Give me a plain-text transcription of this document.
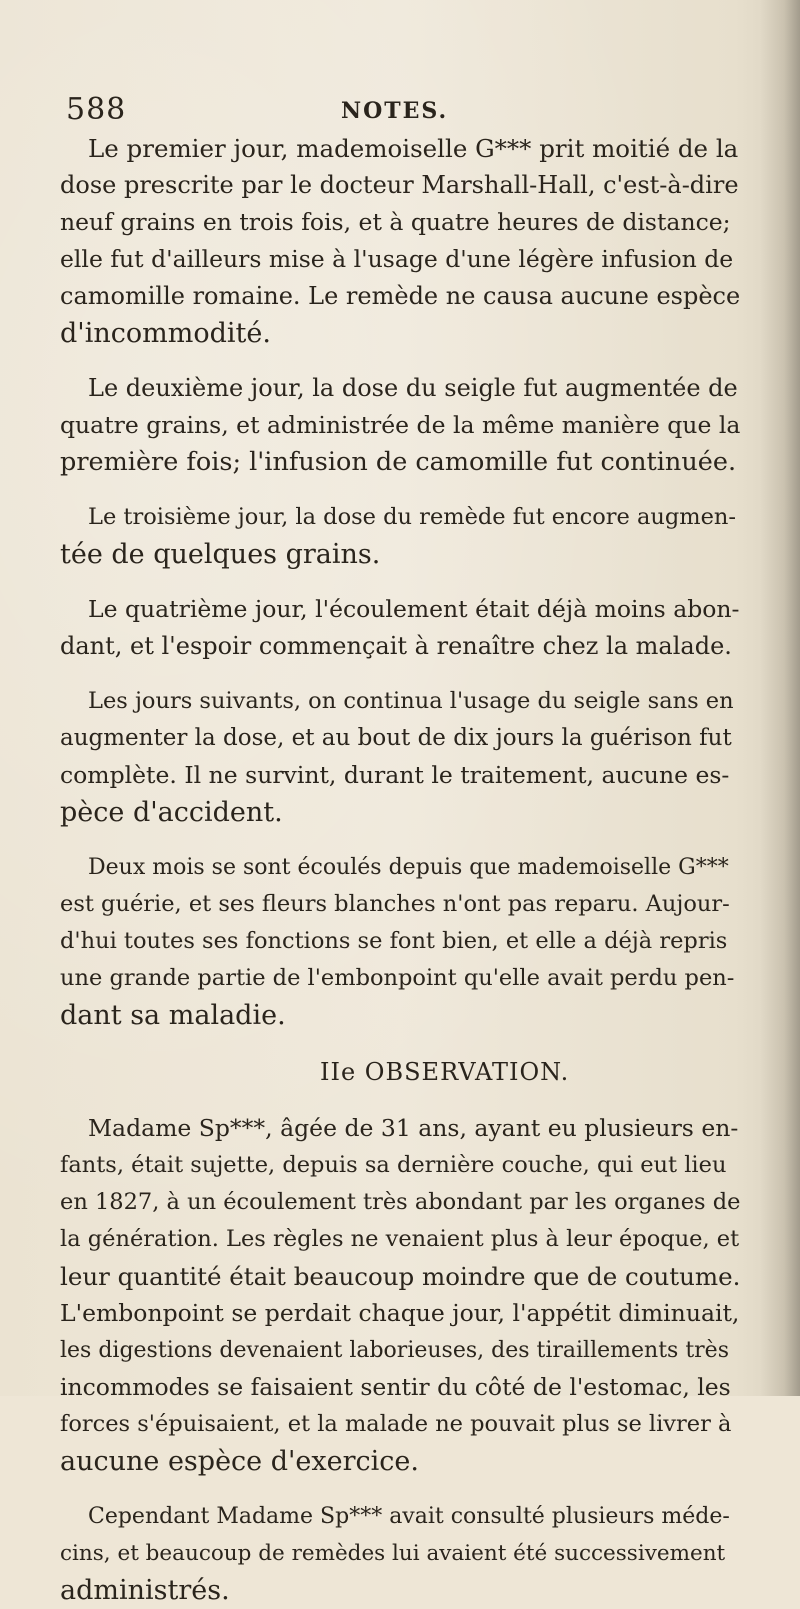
588	NOTES.
Le premier jour, mademoiselle G*** prit moitié de la
dose prescrite par le docteur Marshall-Hall, c'est-à-dire
neuf grains en trois fois, et à quatre heures de distance;
elle fut d'ailleurs mise à l'usage d'une légère infusion de
camomille romaine. Le remède ne causa aucune espèce
d'incommodité.
Le deuxième jour, la dose du seigle fut augmentée de
quatre grains, et administrée de la même manière que la
première fois; l'infusion de camomille fut continuée.
Le troisième jour, la dose du remède fut encore augmen-
tée de quelques grains.
Le quatrième jour, l'écoulement était déjà moins abon-
dant, et l'espoir commençait à renaître chez la malade.
Les jours suivants, on continua l'usage du seigle sans en
augmenter la dose, et au bout de dix jours la guérison fut
complète. Il ne survint, durant le traitement, aucune es-
pèce d'accident.
Deux mois se sont écoulés depuis que mademoiselle G***
est guérie, et ses fleurs blanches n'ont pas reparu. Aujour-
d'hui toutes ses fonctions se font bien, et elle a déjà repris
une grande partie de l'embonpoint qu'elle avait perdu pen-
dant sa maladie.
IIe OBSERVATION.
Madame Sp***, âgée de 31 ans, ayant eu plusieurs en-
fants, était sujette, depuis sa dernière couche, qui eut lieu
en 1827, à un écoulement très abondant par les organes de
la génération. Les règles ne venaient plus à leur époque, et
leur quantité était beaucoup moindre que de coutume.
L'embonpoint se perdait chaque jour, l'appétit diminuait,
les digestions devenaient laborieuses, des tiraillements très
incommodes se faisaient sentir du côté de l'estomac, les
forces s'épuisaient, et la malade ne pouvait plus se livrer à
aucune espèce d'exercice.
Cependant Madame Sp*** avait consulté plusieurs méde-
cins, et beaucoup de remèdes lui avaient été successivement
administrés.
